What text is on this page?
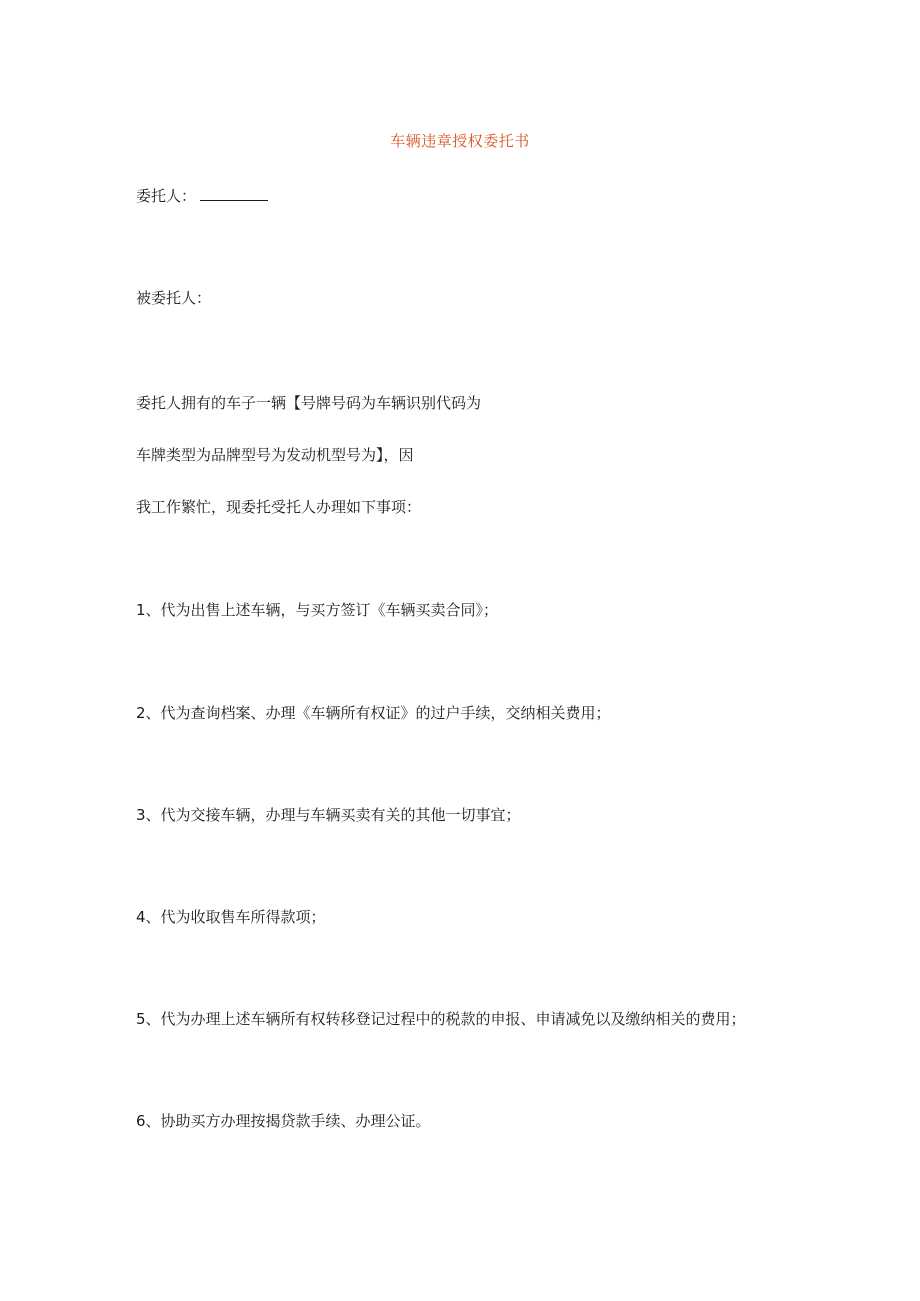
车辆违章授权委托书
委托人：
被委托人：
委托人拥有的车子一辆【号牌号码为车辆识别代码为
车牌类型为品牌型号为发动机型号为】，因
我工作繁忙，现委托受托人办理如下事项：
1、代为出售上述车辆，与买方签订《车辆买卖合同》；
2、代为查询档案、办理《车辆所有权证》的过户手续，交纳相关费用；
3、代为交接车辆，办理与车辆买卖有关的其他一切事宜；
4、代为收取售车所得款项；
5、代为办理上述车辆所有权转移登记过程中的税款的申报、申请减免以及缴纳相关的费用；
6、协助买方办理按揭贷款手续、办理公证。
